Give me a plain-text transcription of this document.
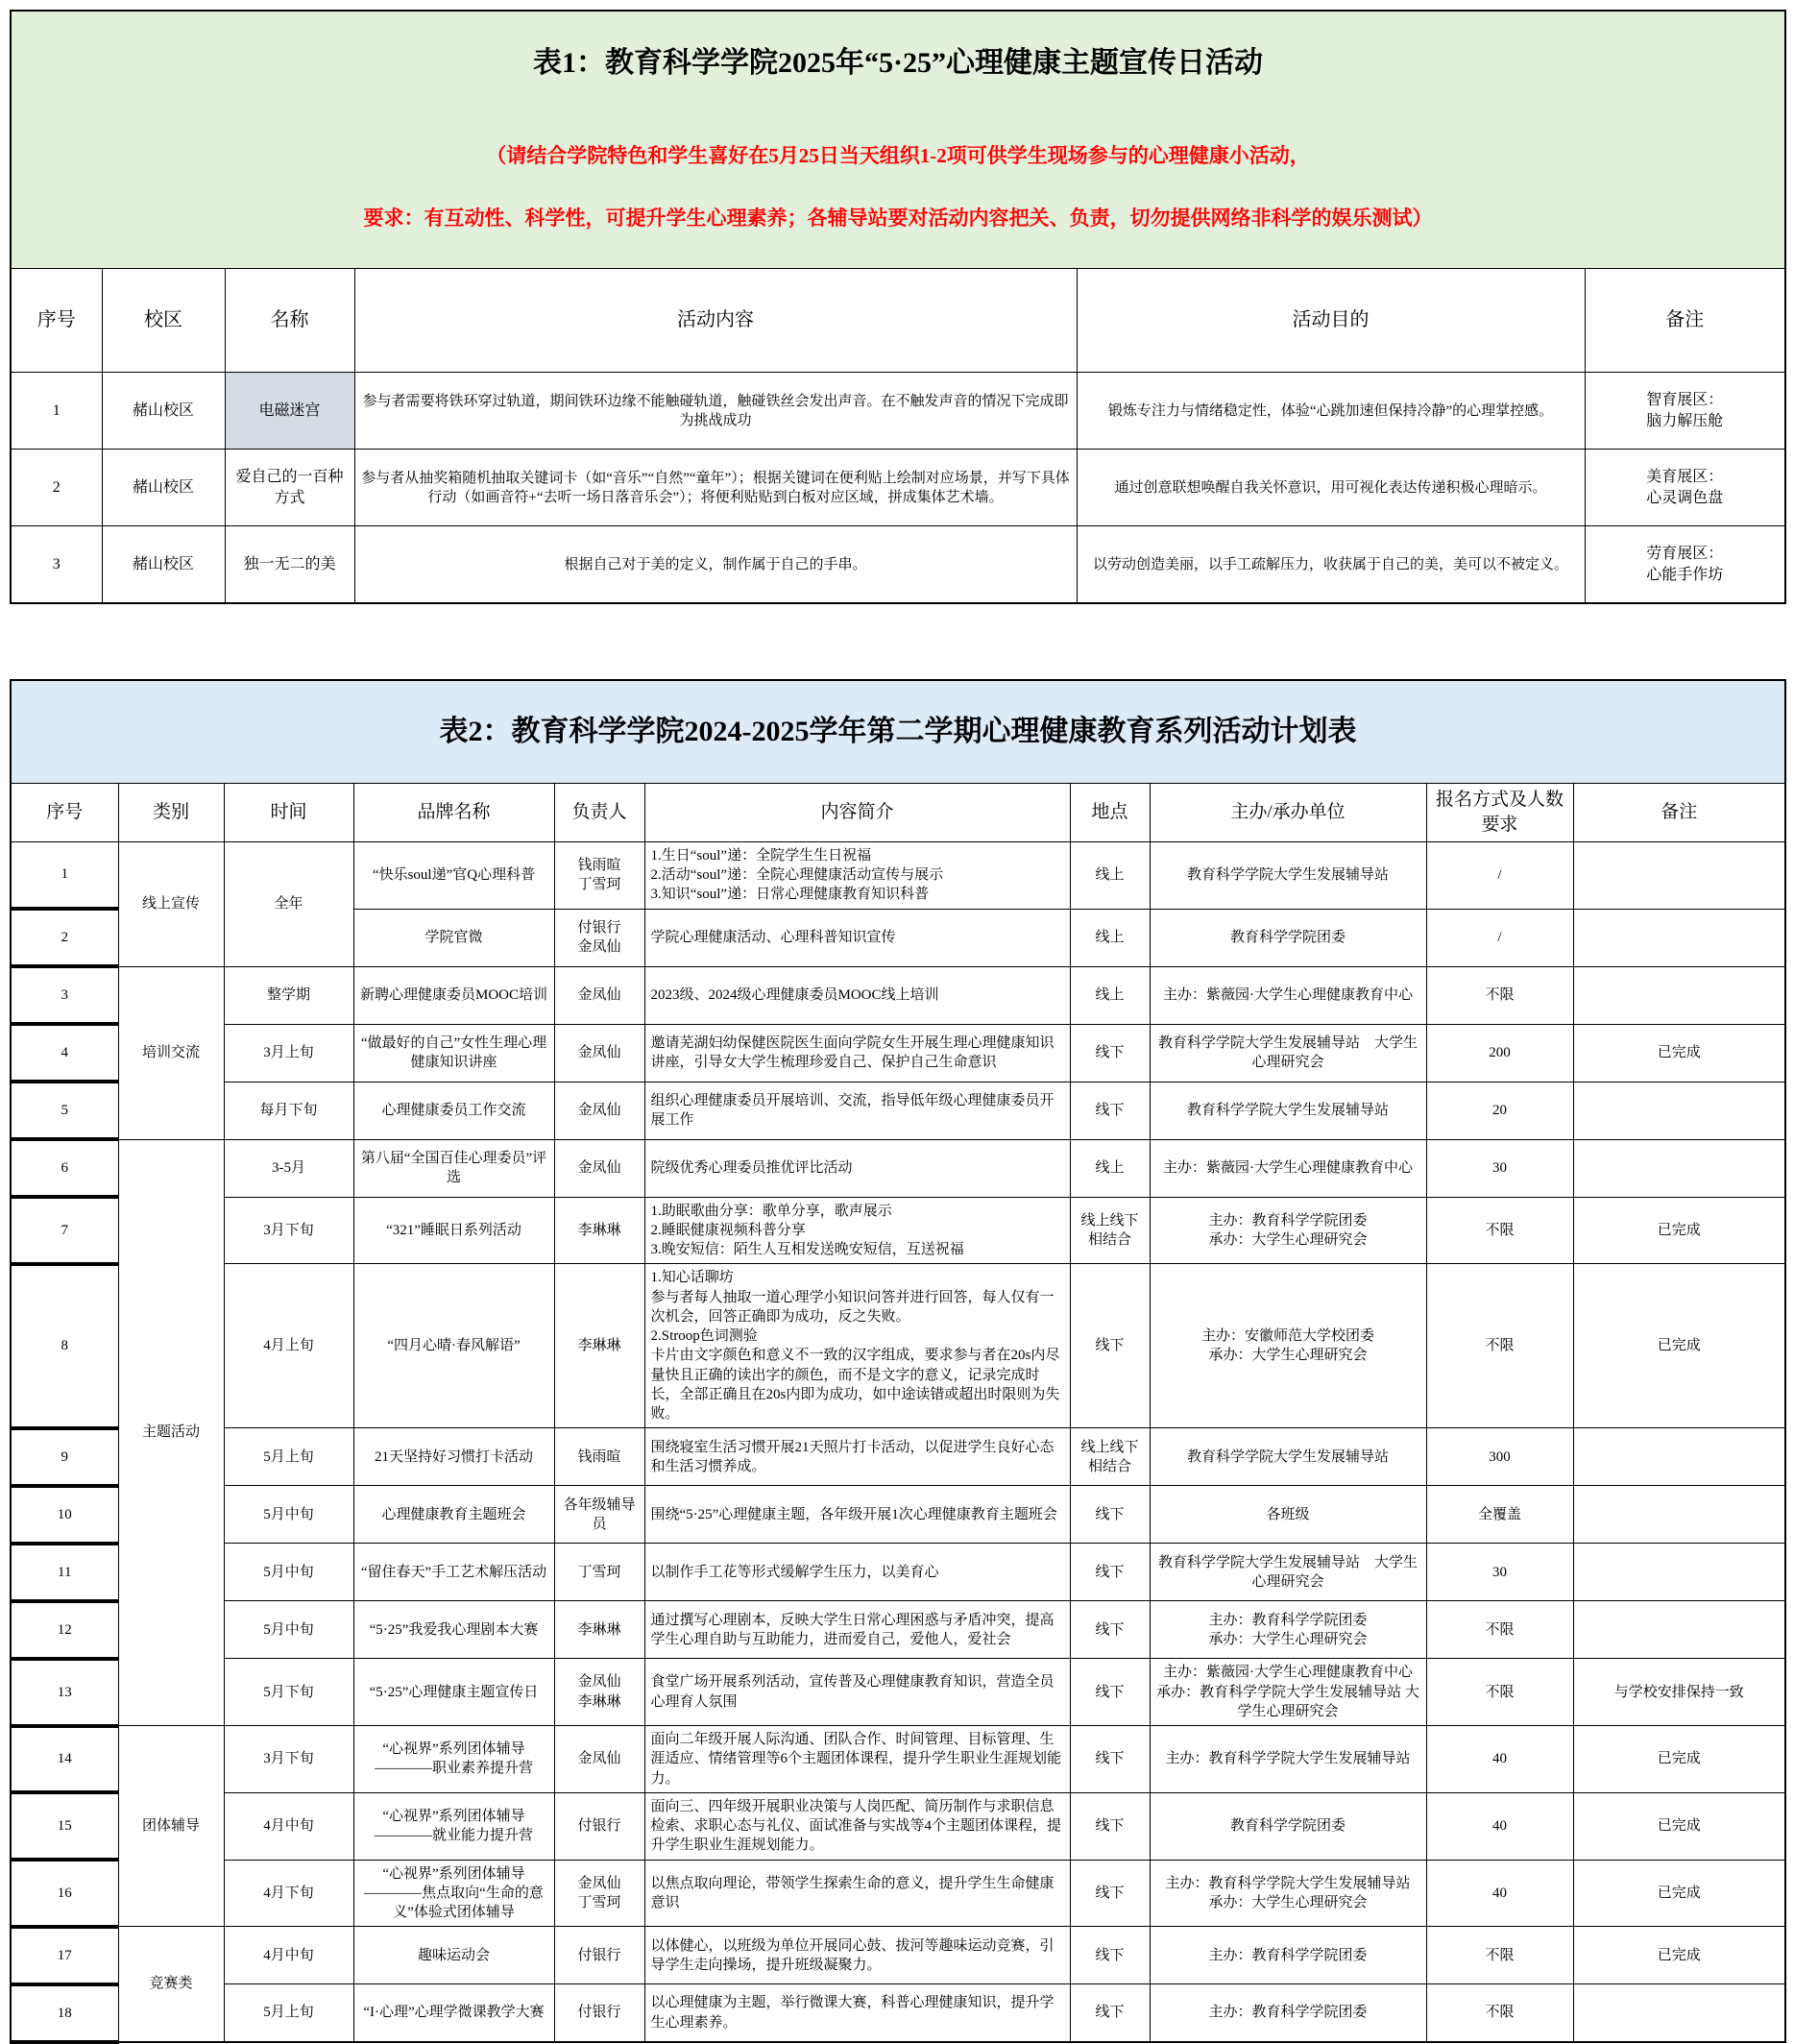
表1：教育科学学院2025年“5·25”心理健康主题宣传日活动

（请结合学院特色和学生喜好在5月25日当天组织1-2项可供学生现场参与的心理健康小活动，

要求：有互动性、科学性，可提升学生心理素养；各辅导站要对活动内容把关、负责，切勿提供网络非科学的娱乐测试）					

序号	校区	名称	活动内容	活动目的	备注
1	赭山校区	电磁迷宫	参与者需要将铁环穿过轨道，期间铁环边缘不能触碰轨道，触碰铁丝会发出声音。在不触发声音的情况下完成即为挑战成功	锻炼专注力与情绪稳定性，体验“心跳加速但保持冷静”的心理掌控感。	智育展区：
脑力解压舱
2	赭山校区	爱自己的一百种方式	参与者从抽奖箱随机抽取关键词卡（如“音乐”“自然”“童年”）；根据关键词在便利贴上绘制对应场景，并写下具体行动（如画音符+“去听一场日落音乐会”）；将便利贴贴到白板对应区域，拼成集体艺术墙。	通过创意联想唤醒自我关怀意识，用可视化表达传递积极心理暗示。	美育展区：
心灵调色盘
3	赭山校区	独一无二的美	根据自己对于美的定义，制作属于自己的手串。	以劳动创造美丽，以手工疏解压力，收获属于自己的美，美可以不被定义。	劳育展区：
心能手作坊

表2：教育科学学院2024-2025学年第二学期心理健康教育系列活动计划表									

序号	类别	时间	品牌名称	负责人	内容简介	地点	主办/承办单位	报名方式及人数要求	备注
1	线上宣传	全年	“快乐soul递”官Q心理科普	钱雨暄
丁雪珂	1.生日“soul”递：全院学生生日祝福
2.活动“soul”递：全院心理健康活动宣传与展示
3.知识“soul”递：日常心理健康教育知识科普	线上	教育科学学院大学生发展辅导站	/	
2			学院官微	付银行
金凤仙	学院心理健康活动、心理科普知识宣传	线上	教育科学学院团委	/	
3	培训交流	整学期	新聘心理健康委员MOOC培训	金凤仙	2023级、2024级心理健康委员MOOC线上培训	线上	主办：紫薇园·大学生心理健康教育中心	不限	
4		3月上旬	“做最好的自己”女性生理心理健康知识讲座	金凤仙	邀请芜湖妇幼保健医院医生面向学院女生开展生理心理健康知识讲座，引导女大学生梳理珍爱自己、保护自己生命意识	线下	教育科学学院大学生发展辅导站　大学生心理研究会	200	已完成
5		每月下旬	心理健康委员工作交流	金凤仙	组织心理健康委员开展培训、交流，指导低年级心理健康委员开展工作	线下	教育科学学院大学生发展辅导站	20	
6	主题活动	3-5月	第八届“全国百佳心理委员”评选	金凤仙	院级优秀心理委员推优评比活动	线上	主办：紫薇园·大学生心理健康教育中心	30	
7		3月下旬	“321”睡眠日系列活动	李琳琳	1.助眠歌曲分享：歌单分享，歌声展示
2.睡眠健康视频科普分享
3.晚安短信：陌生人互相发送晚安短信，互送祝福	线上线下相结合	主办：教育科学学院团委
承办：大学生心理研究会	不限	已完成
8		4月上旬	“四月心晴·春风解语”	李琳琳	1.知心话聊坊
参与者每人抽取一道心理学小知识问答并进行回答，每人仅有一次机会，回答正确即为成功，反之失败。
2.Stroop色词测验
卡片由文字颜色和意义不一致的汉字组成，要求参与者在20s内尽量快且正确的读出字的颜色，而不是文字的意义，记录完成时长，全部正确且在20s内即为成功，如中途读错或超出时限则为失败。	线下	主办：安徽师范大学校团委
承办：大学生心理研究会	不限	已完成
9		5月上旬	21天坚持好习惯打卡活动	钱雨暄	围绕寝室生活习惯开展21天照片打卡活动，以促进学生良好心态和生活习惯养成。	线上线下相结合	教育科学学院大学生发展辅导站	300	
10		5月中旬	心理健康教育主题班会	各年级辅导员	围绕“5·25”心理健康主题，各年级开展1次心理健康教育主题班会	线下	各班级	全覆盖	
11		5月中旬	“留住春天”手工艺术解压活动	丁雪珂	以制作手工花等形式缓解学生压力，以美育心	线下	教育科学学院大学生发展辅导站　大学生心理研究会	30	
12		5月中旬	“5·25”我爱我心理剧本大赛	李琳琳	通过撰写心理剧本，反映大学生日常心理困惑与矛盾冲突，提高学生心理自助与互助能力，进而爱自己，爱他人，爱社会	线下	主办：教育科学学院团委
承办：大学生心理研究会	不限	
13		5月下旬	“5·25”心理健康主题宣传日	金凤仙
李琳琳	食堂广场开展系列活动，宣传普及心理健康教育知识，营造全员心理育人氛围	线下	主办：紫薇园·大学生心理健康教育中心
承办：教育科学学院大学生发展辅导站 大学生心理研究会	不限	与学校安排保持一致
14	团体辅导	3月下旬	“心视界”系列团体辅导
————职业素养提升营	金凤仙	面向二年级开展人际沟通、团队合作、时间管理、目标管理、生涯适应、情绪管理等6个主题团体课程，提升学生职业生涯规划能力。	线下	主办：教育科学学院大学生发展辅导站	40	已完成
15		4月中旬	“心视界”系列团体辅导
————就业能力提升营	付银行	面向三、四年级开展职业决策与人岗匹配、简历制作与求职信息检索、求职心态与礼仪、面试准备与实战等4个主题团体课程，提升学生职业生涯规划能力。	线下	教育科学学院团委	40	已完成
16		4月下旬	“心视界”系列团体辅导
————焦点取向“生命的意义”体验式团体辅导	金凤仙
丁雪珂	以焦点取向理论，带领学生探索生命的意义，提升学生生命健康意识	线下	主办：教育科学学院大学生发展辅导站
承办：大学生心理研究会	40	已完成
17	竞赛类	4月中旬	趣味运动会	付银行	以体健心，以班级为单位开展同心鼓、拔河等趣味运动竞赛，引导学生走向操场，提升班级凝聚力。	线下	主办：教育科学学院团委	不限	已完成
18		5月上旬	“I·心理”心理学微课教学大赛	付银行	以心理健康为主题，举行微课大赛，科普心理健康知识，提升学生心理素养。	线下	主办：教育科学学院团委	不限	
